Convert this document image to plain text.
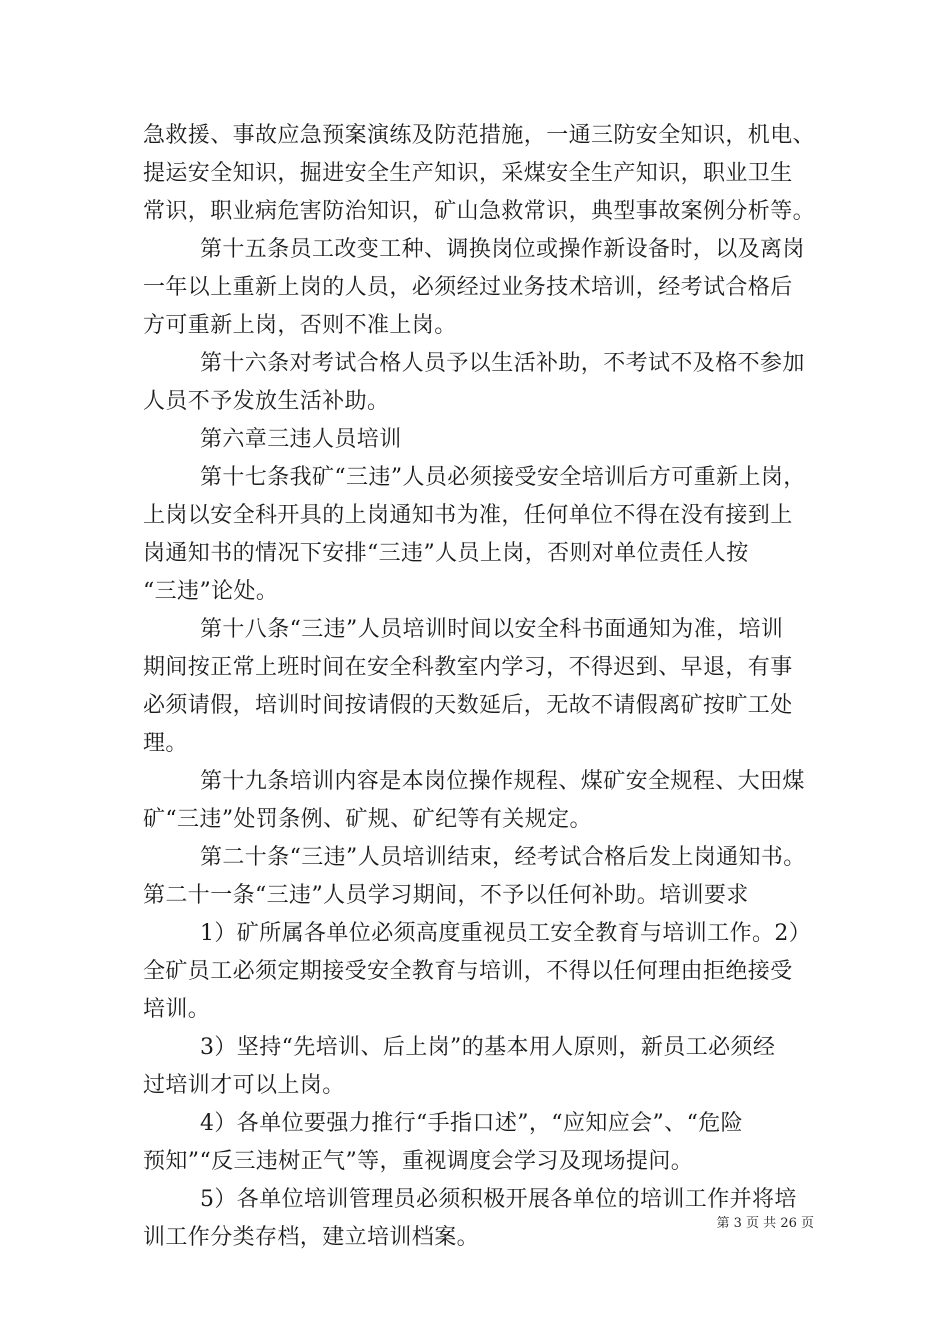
急救援、事故应急预案演练及防范措施，一通三防安全知识，机电、
提运安全知识，掘进安全生产知识，采煤安全生产知识，职业卫生
常识，职业病危害防治知识，矿山急救常识，典型事故案例分析等。
第十五条员工改变工种、调换岗位或操作新设备时，以及离岗
一年以上重新上岗的人员，必须经过业务技术培训，经考试合格后
方可重新上岗，否则不准上岗。
第十六条对考试合格人员予以生活补助，不考试不及格不参加
人员不予发放生活补助。
第六章三违人员培训
第十七条我矿“三违”人员必须接受安全培训后方可重新上岗，
上岗以安全科开具的上岗通知书为准，任何单位不得在没有接到上
岗通知书的情况下安排“三违”人员上岗，否则对单位责任人按
“三违”论处。
第十八条“三违”人员培训时间以安全科书面通知为准，培训
期间按正常上班时间在安全科教室内学习，不得迟到、早退，有事
必须请假，培训时间按请假的天数延后，无故不请假离矿按旷工处
理。
第十九条培训内容是本岗位操作规程、煤矿安全规程、大田煤
矿“三违”处罚条例、矿规、矿纪等有关规定。
第二十条“三违”人员培训结束，经考试合格后发上岗通知书。
第二十一条“三违”人员学习期间，不予以任何补助。培训要求
1）矿所属各单位必须高度重视员工安全教育与培训工作。2）
全矿员工必须定期接受安全教育与培训，不得以任何理由拒绝接受
培训。
3）坚持“先培训、后上岗”的基本用人原则，新员工必须经
过培训才可以上岗。
4）各单位要强力推行“手指口述”，“应知应会”、“危险
预知”“反三违树正气”等，重视调度会学习及现场提问。
5）各单位培训管理员必须积极开展各单位的培训工作并将培
训工作分类存档，建立培训档案。
第 3 页 共 26 页
